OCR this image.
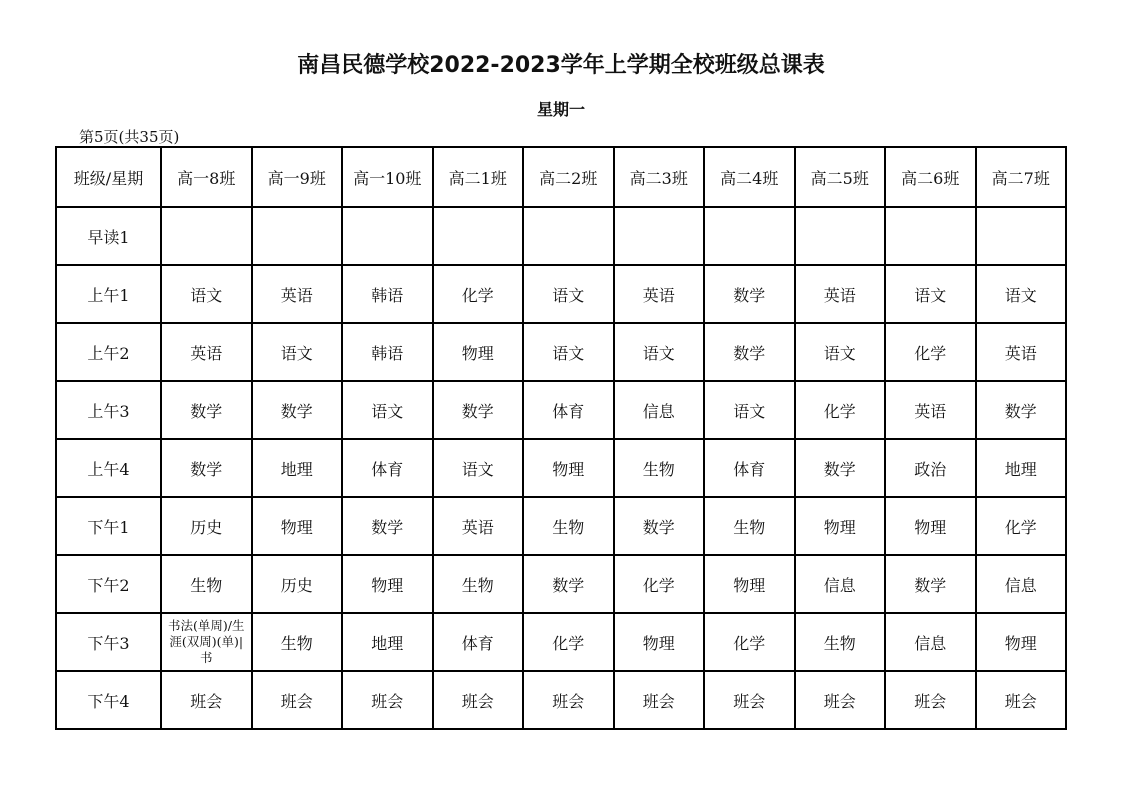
南昌民德学校2022-2023学年上学期全校班级总课表
星期一
第5页(共35页)
班级/星期	高一8班	高一9班	高一10班	高二1班	高二2班	高二3班	高二4班	高二5班	高二6班	高二7班
早读1										
上午1	语文	英语	韩语	化学	语文	英语	数学	英语	语文	语文
上午2	英语	语文	韩语	物理	语文	语文	数学	语文	化学	英语
上午3	数学	数学	语文	数学	体育	信息	语文	化学	英语	数学
上午4	数学	地理	体育	语文	物理	生物	体育	数学	政治	地理
下午1	历史	物理	数学	英语	生物	数学	生物	物理	物理	化学
下午2	生物	历史	物理	生物	数学	化学	物理	信息	数学	信息
下午3	书法(单周)/生涯(双周)(单)|书	生物	地理	体育	化学	物理	化学	生物	信息	物理
下午4	班会	班会	班会	班会	班会	班会	班会	班会	班会	班会
